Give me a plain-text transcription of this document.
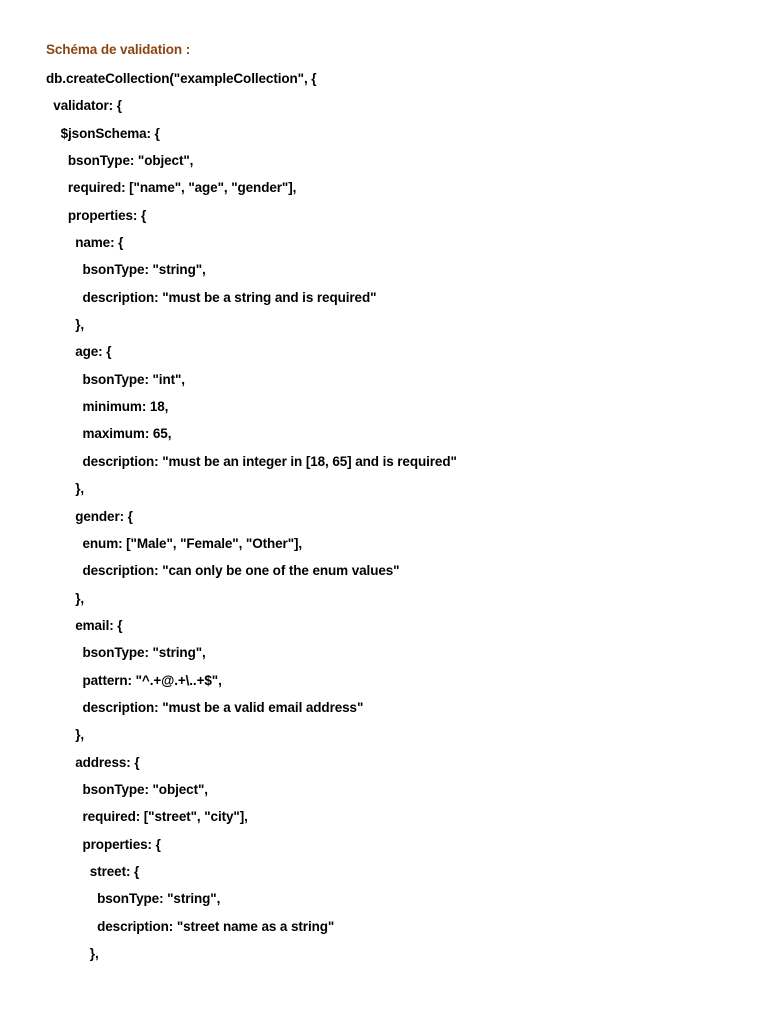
Schéma de validation :
db.createCollection("exampleCollection", {
validator: {
$jsonSchema: {
bsonType: "object",
required: ["name", "age", "gender"],
properties: {
name: {
bsonType: "string",
description: "must be a string and is required"
},
age: {
bsonType: "int",
minimum: 18,
maximum: 65,
description: "must be an integer in [18, 65] and is required"
},
gender: {
enum: ["Male", "Female", "Other"],
description: "can only be one of the enum values"
},
email: {
bsonType: "string",
pattern: "^.+@.+\..+$",
description: "must be a valid email address"
},
address: {
bsonType: "object",
required: ["street", "city"],
properties: {
street: {
bsonType: "string",
description: "street name as a string"
},
